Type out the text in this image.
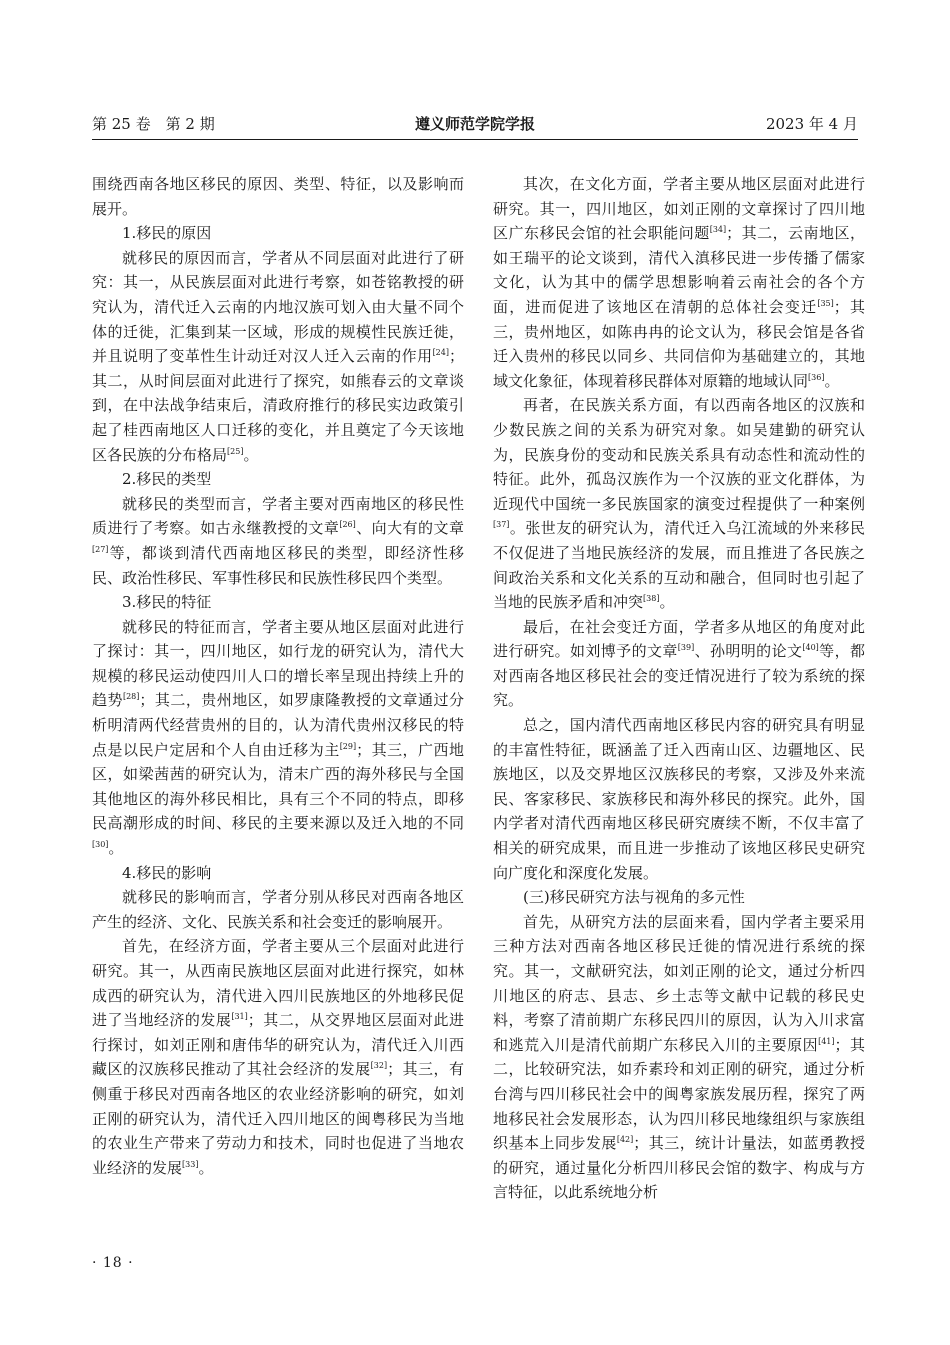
第 25 卷　第 2 期	遵义师范学院学报	2023 年 4 月

围绕西南各地区移民的原因、类型、特征，以及影响而展开。

1.移民的原因

就移民的原因而言，学者从不同层面对此进行了研究：其一，从民族层面对此进行考察，如苍铭教授的研究认为，清代迁入云南的内地汉族可划入由大量不同个体的迁徙，汇集到某一区域，形成的规模性民族迁徙，并且说明了变革性生计动迁对汉人迁入云南的作用[24]；其二，从时间层面对此进行了探究，如熊春云的文章谈到，在中法战争结束后，清政府推行的移民实边政策引起了桂西南地区人口迁移的变化，并且奠定了今天该地区各民族的分布格局[25]。

2.移民的类型

就移民的类型而言，学者主要对西南地区的移民性质进行了考察。如古永继教授的文章[26]、向大有的文章[27]等，都谈到清代西南地区移民的类型，即经济性移民、政治性移民、军事性移民和民族性移民四个类型。

3.移民的特征

就移民的特征而言，学者主要从地区层面对此进行了探讨：其一，四川地区，如行龙的研究认为，清代大规模的移民运动使四川人口的增长率呈现出持续上升的趋势[28]；其二，贵州地区，如罗康隆教授的文章通过分析明清两代经营贵州的目的，认为清代贵州汉移民的特点是以民户定居和个人自由迁移为主[29]；其三，广西地区，如梁茜茜的研究认为，清末广西的海外移民与全国其他地区的海外移民相比，具有三个不同的特点，即移民高潮形成的时间、移民的主要来源以及迁入地的不同[30]。

4.移民的影响

就移民的影响而言，学者分别从移民对西南各地区产生的经济、文化、民族关系和社会变迁的影响展开。

首先，在经济方面，学者主要从三个层面对此进行研究。其一，从西南民族地区层面对此进行探究，如林成西的研究认为，清代进入四川民族地区的外地移民促进了当地经济的发展[31]；其二，从交界地区层面对此进行探讨，如刘正刚和唐伟华的研究认为，清代迁入川西藏区的汉族移民推动了其社会经济的发展[32]；其三，有侧重于移民对西南各地区的农业经济影响的研究，如刘正刚的研究认为，清代迁入四川地区的闽粤移民为当地的农业生产带来了劳动力和技术，同时也促进了当地农业经济的发展[33]。

其次，在文化方面，学者主要从地区层面对此进行研究。其一，四川地区，如刘正刚的文章探讨了四川地区广东移民会馆的社会职能问题[34]；其二，云南地区，如王瑞平的论文谈到，清代入滇移民进一步传播了儒家文化，认为其中的儒学思想影响着云南社会的各个方面，进而促进了该地区在清朝的总体社会变迁[35]；其三，贵州地区，如陈冉冉的论文认为，移民会馆是各省迁入贵州的移民以同乡、共同信仰为基础建立的，其地域文化象征，体现着移民群体对原籍的地域认同[36]。

再者，在民族关系方面，有以西南各地区的汉族和少数民族之间的关系为研究对象。如吴建勤的研究认为，民族身份的变动和民族关系具有动态性和流动性的特征。此外，孤岛汉族作为一个汉族的亚文化群体，为近现代中国统一多民族国家的演变过程提供了一种案例[37]。张世友的研究认为，清代迁入乌江流域的外来移民不仅促进了当地民族经济的发展，而且推进了各民族之间政治关系和文化关系的互动和融合，但同时也引起了当地的民族矛盾和冲突[38]。

最后，在社会变迁方面，学者多从地区的角度对此进行研究。如刘博予的文章[39]、孙明明的论文[40]等，都对西南各地区移民社会的变迁情况进行了较为系统的探究。

总之，国内清代西南地区移民内容的研究具有明显的丰富性特征，既涵盖了迁入西南山区、边疆地区、民族地区，以及交界地区汉族移民的考察，又涉及外来流民、客家移民、家族移民和海外移民的探究。此外，国内学者对清代西南地区移民研究赓续不断，不仅丰富了相关的研究成果，而且进一步推动了该地区移民史研究向广度化和深度化发展。

(三)移民研究方法与视角的多元性

首先，从研究方法的层面来看，国内学者主要采用三种方法对西南各地区移民迁徙的情况进行系统的探究。其一，文献研究法，如刘正刚的论文，通过分析四川地区的府志、县志、乡土志等文献中记载的移民史料，考察了清前期广东移民四川的原因，认为入川求富和逃荒入川是清代前期广东移民入川的主要原因[41]；其二，比较研究法，如乔素玲和刘正刚的研究，通过分析台湾与四川移民社会中的闽粤家族发展历程，探究了两地移民社会发展形态，认为四川移民地缘组织与家族组织基本上同步发展[42]；其三，统计计量法，如蓝勇教授的研究，通过量化分析四川移民会馆的数字、构成与方言特征，以此系统地分析

· 18 ·
